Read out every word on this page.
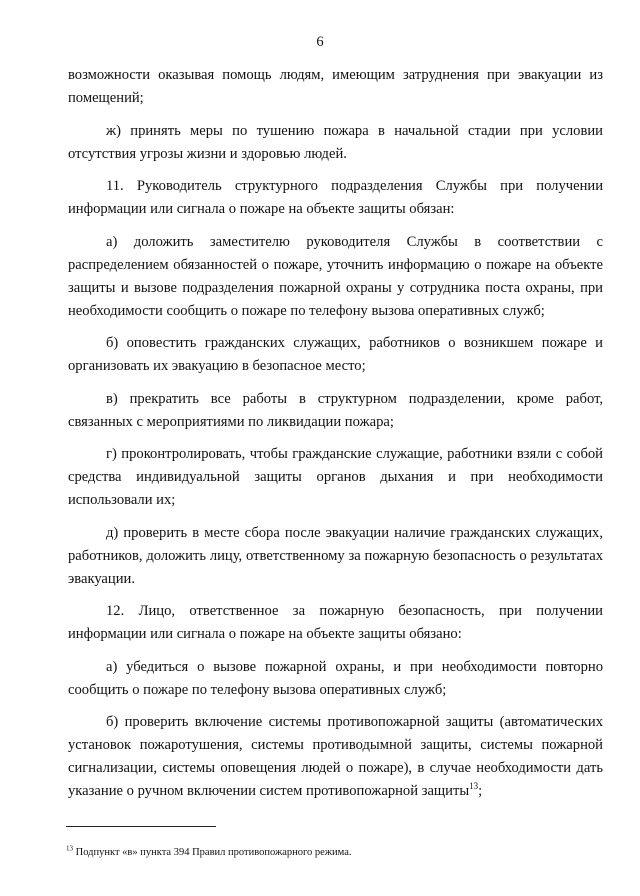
6

возможности оказывая помощь людям, имеющим затруднения при эвакуации из помещений;

ж) принять меры по тушению пожара в начальной стадии при условии отсутствия угрозы жизни и здоровью людей.

11. Руководитель структурного подразделения Службы при получении информации или сигнала о пожаре на объекте защиты обязан:

а) доложить заместителю руководителя Службы в соответствии с распределением обязанностей о пожаре, уточнить информацию о пожаре на объекте защиты и вызове подразделения пожарной охраны у сотрудника поста охраны, при необходимости сообщить о пожаре по телефону вызова оперативных служб;

б) оповестить гражданских служащих, работников о возникшем пожаре и организовать их эвакуацию в безопасное место;

в) прекратить все работы в структурном подразделении, кроме работ, связанных с мероприятиями по ликвидации пожара;

г) проконтролировать, чтобы гражданские служащие, работники взяли с собой средства индивидуальной защиты органов дыхания и при необходимости использовали их;

д) проверить в месте сбора после эвакуации наличие гражданских служащих, работников, доложить лицу, ответственному за пожарную безопасность о результатах эвакуации.

12. Лицо, ответственное за пожарную безопасность, при получении информации или сигнала о пожаре на объекте защиты обязано:

а) убедиться о вызове пожарной охраны, и при необходимости повторно сообщить о пожаре по телефону вызова оперативных служб;

б) проверить включение системы противопожарной защиты (автоматических установок пожаротушения, системы противодымной защиты, системы пожарной сигнализации, системы оповещения людей о пожаре), в случае необходимости дать указание о ручном включении систем противопожарной защиты$^{13}$;

$^{13}$ Подпункт «в» пункта 394 Правил противопожарного режима.
